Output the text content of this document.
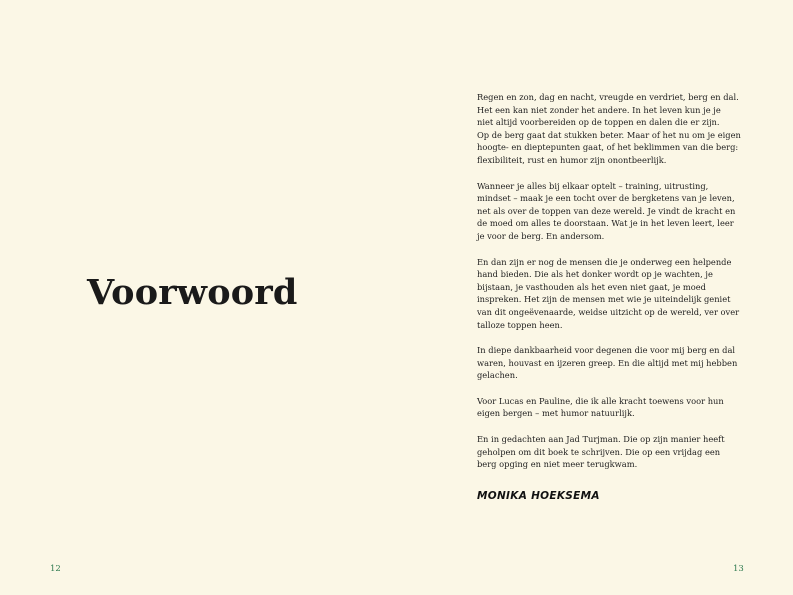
Voorwoord
12

Regen en zon, dag en nacht, vreugde en verdriet, berg en dal.
Het een kan niet zonder het andere. In het leven kun je je
niet altijd voorbereiden op de toppen en dalen die er zijn.
Op de berg gaat dat stukken beter. Maar of het nu om je eigen
hoogte- en dieptepunten gaat, of het beklimmen van die berg:
flexibiliteit, rust en humor zijn onontbeerlijk.

Wanneer je alles bij elkaar optelt – training, uitrusting,
mindset – maak je een tocht over de bergketens van je leven,
net als over de toppen van deze wereld. Je vindt de kracht en
de moed om alles te doorstaan. Wat je in het leven leert, leer
je voor de berg. En andersom.

En dan zijn er nog de mensen die je onderweg een helpende
hand bieden. Die als het donker wordt op je wachten, je
bijstaan, je vasthouden als het even niet gaat, je moed
inspreken. Het zijn de mensen met wie je uiteindelijk geniet
van dit ongeëvenaarde, weidse uitzicht op de wereld, ver over
talloze toppen heen.

In diepe dankbaarheid voor degenen die voor mij berg en dal
waren, houvast en ijzeren greep. En die altijd met mij hebben
gelachen.

Voor Lucas en Pauline, die ik alle kracht toewens voor hun
eigen bergen – met humor natuurlijk.

En in gedachten aan Jad Turjman. Die op zijn manier heeft
geholpen om dit boek te schrijven. Die op een vrijdag een
berg opging en niet meer terugkwam.

MONIKA HOEKSEMA
13
